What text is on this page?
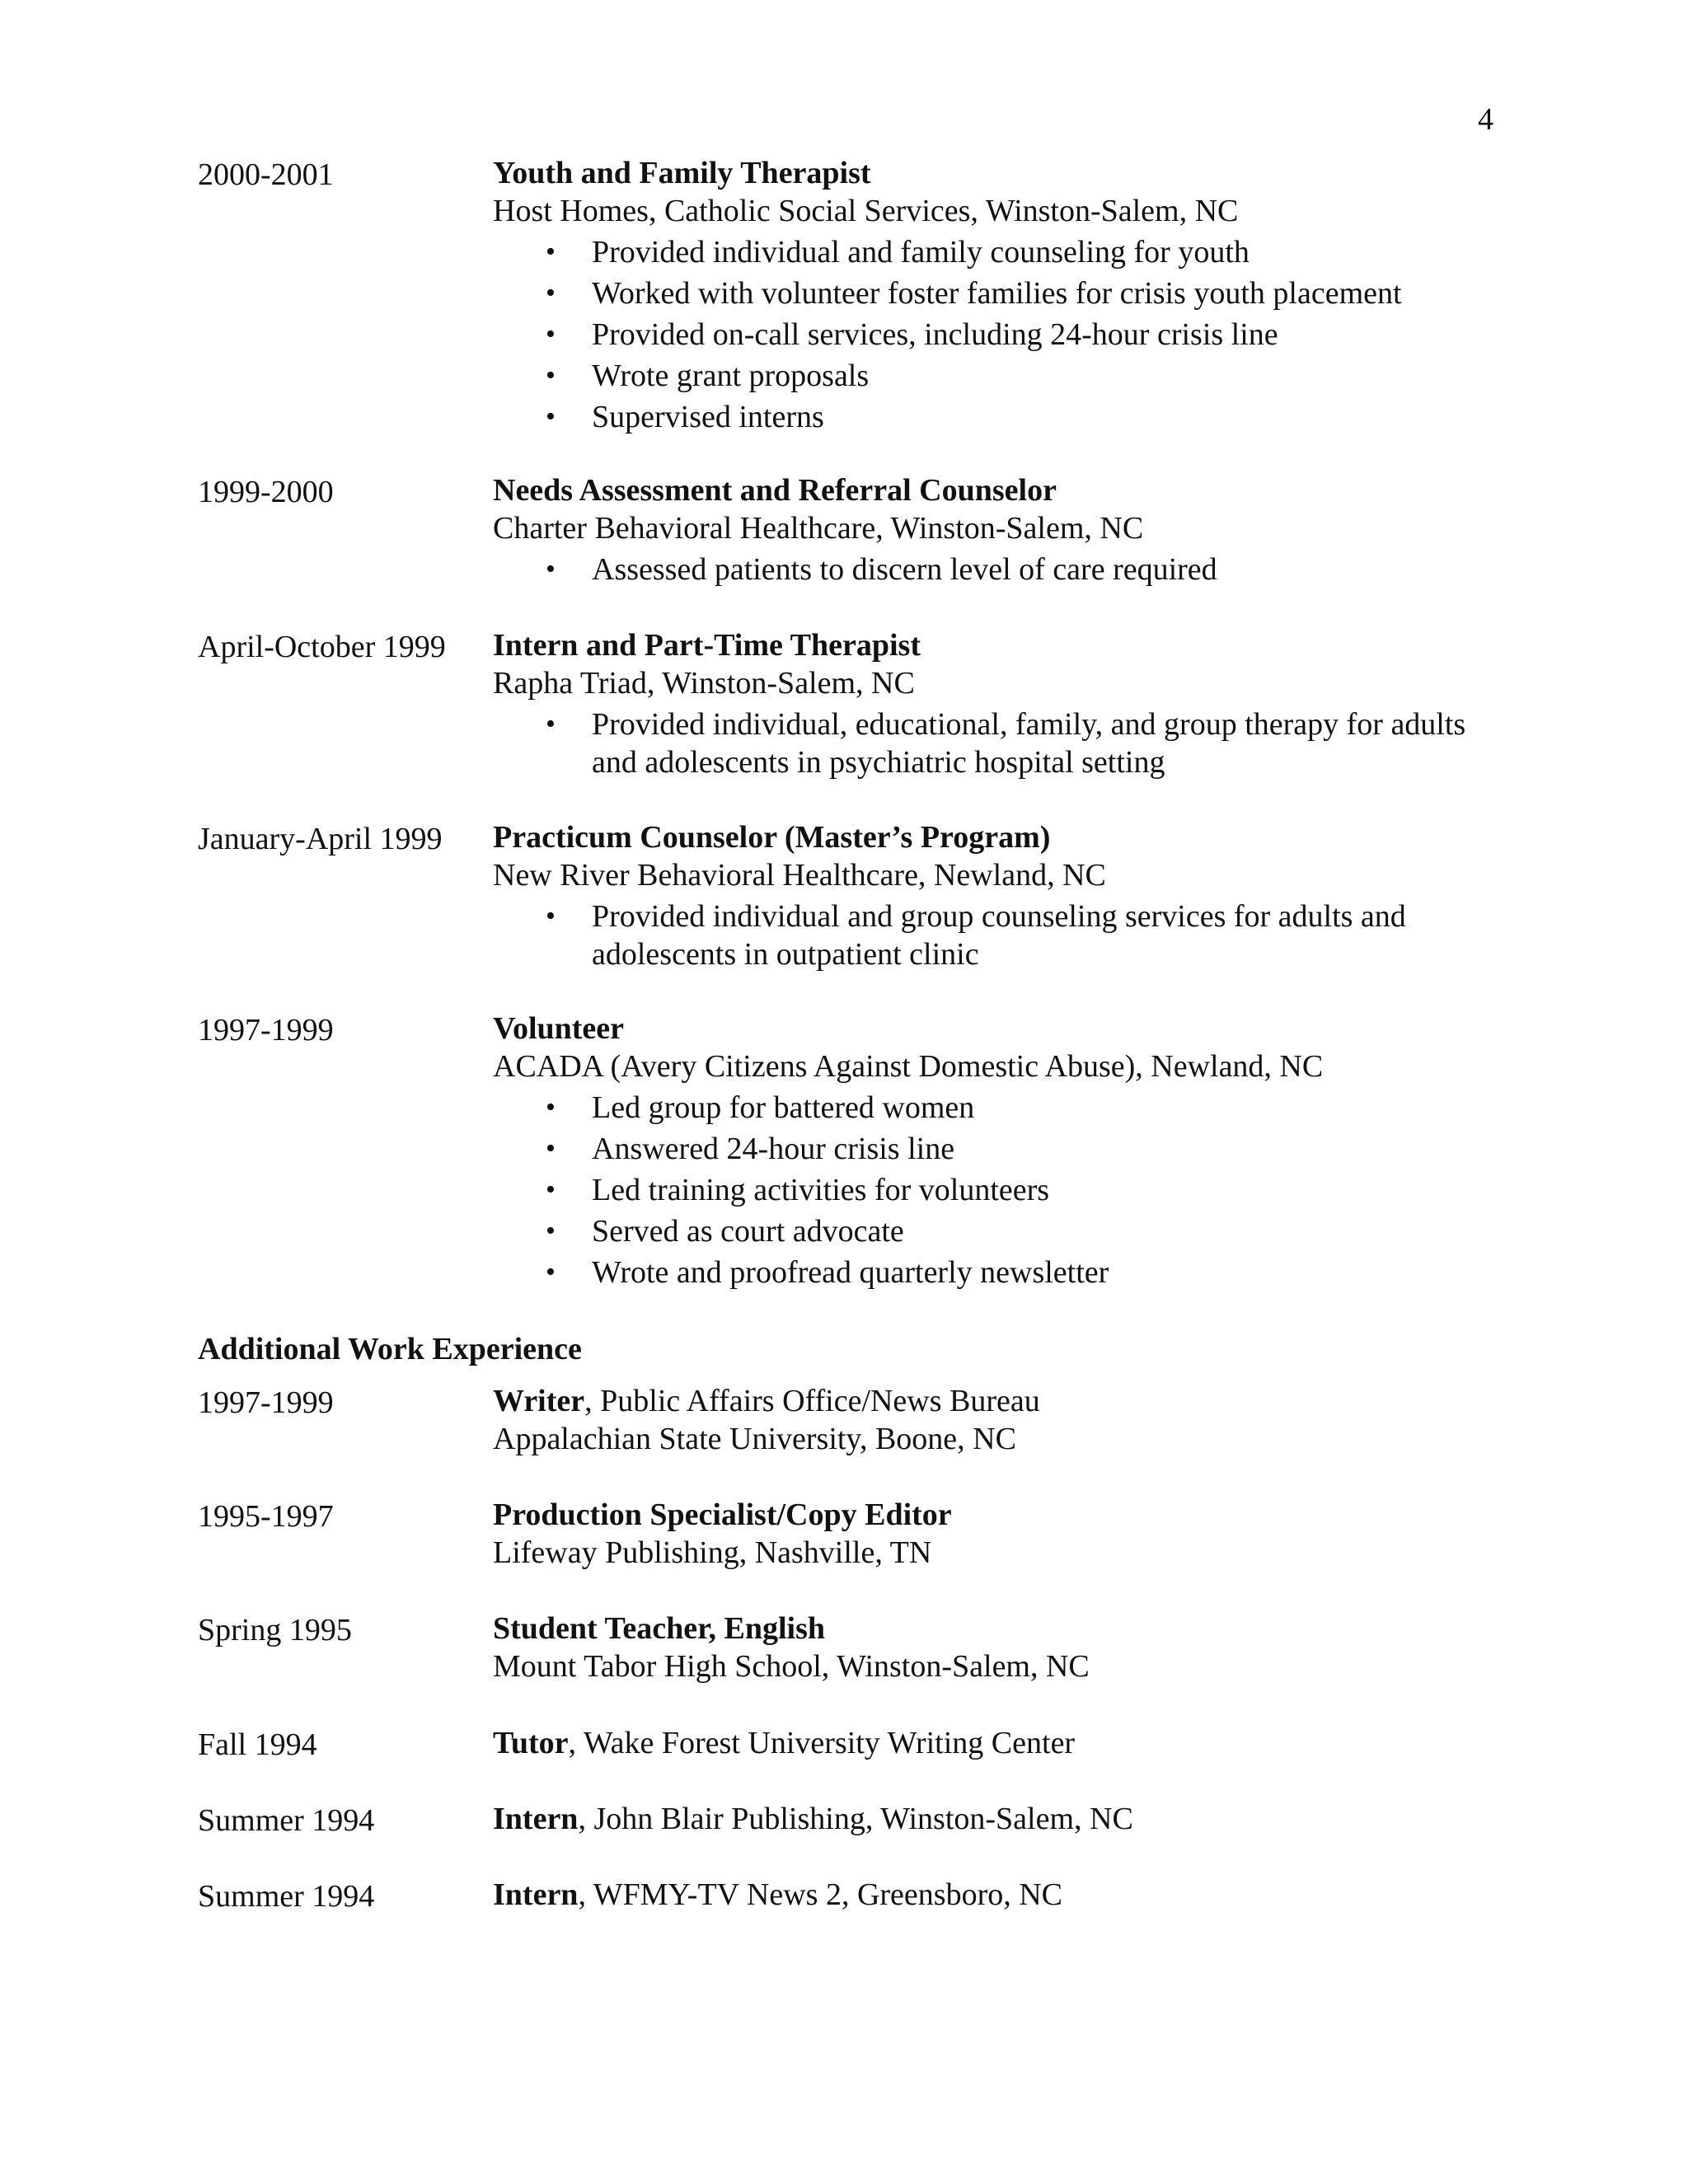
4
2000-2001	Youth and Family Therapist
Host Homes, Catholic Social Services, Winston-Salem, NC
• Provided individual and family counseling for youth
• Worked with volunteer foster families for crisis youth placement
• Provided on-call services, including 24-hour crisis line
• Wrote grant proposals
• Supervised interns
1999-2000	Needs Assessment and Referral Counselor
Charter Behavioral Healthcare, Winston-Salem, NC
• Assessed patients to discern level of care required
April-October 1999	Intern and Part-Time Therapist
Rapha Triad, Winston-Salem, NC
• Provided individual, educational, family, and group therapy for adults and adolescents in psychiatric hospital setting
January-April 1999	Practicum Counselor (Master’s Program)
New River Behavioral Healthcare, Newland, NC
• Provided individual and group counseling services for adults and adolescents in outpatient clinic
1997-1999	Volunteer
ACADA (Avery Citizens Against Domestic Abuse), Newland, NC
• Led group for battered women
• Answered 24-hour crisis line
• Led training activities for volunteers
• Served as court advocate
• Wrote and proofread quarterly newsletter
Additional Work Experience
1997-1999	Writer, Public Affairs Office/News Bureau
Appalachian State University, Boone, NC
1995-1997	Production Specialist/Copy Editor
Lifeway Publishing, Nashville, TN
Spring 1995	Student Teacher, English
Mount Tabor High School, Winston-Salem, NC
Fall 1994	Tutor, Wake Forest University Writing Center
Summer 1994	Intern, John Blair Publishing, Winston-Salem, NC
Summer 1994	Intern, WFMY-TV News 2, Greensboro, NC
